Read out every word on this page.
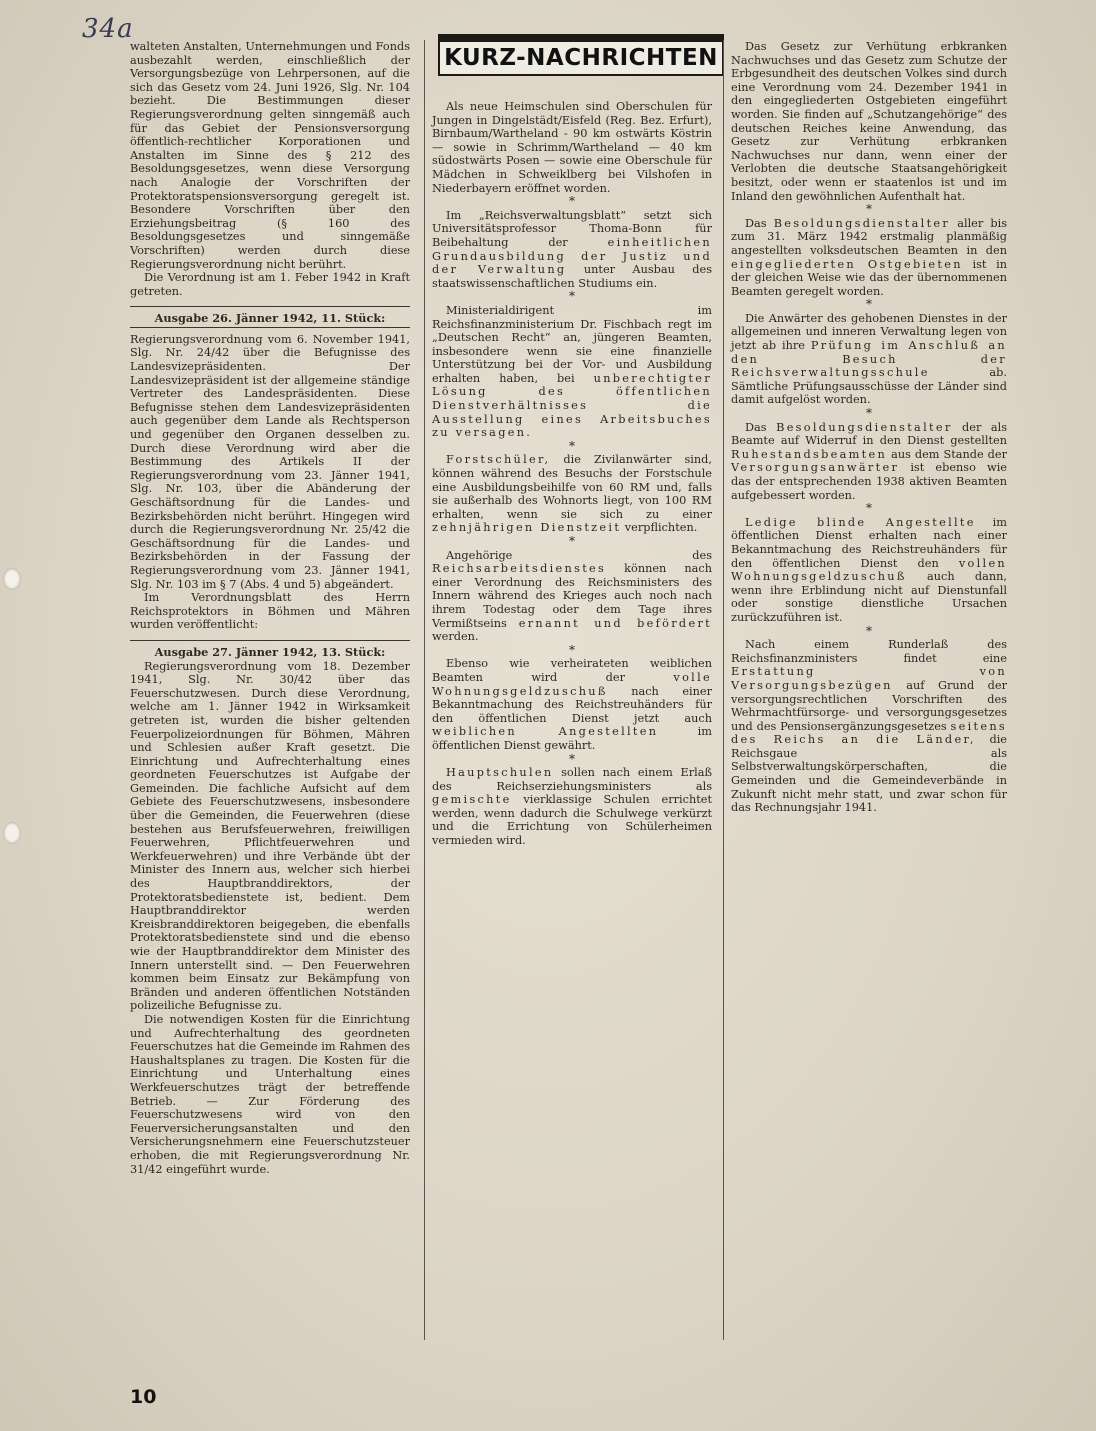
34a

walteten Anstalten, Unternehmungen und Fonds ausbezahlt werden, einschließlich der Versorgungsbezüge von Lehrpersonen, auf die sich das Gesetz vom 24. Juni 1926, Slg. Nr. 104 bezieht. Die Bestimmungen dieser Regierungsverordnung gelten sinngemäß auch für das Gebiet der Pensionsversorgung öffentlich-rechtlicher Korporationen und Anstalten im Sinne des § 212 des Besoldungsgesetzes, wenn diese Versorgung nach Analogie der Vorschriften der Protektoratspensionsversorgung geregelt ist. Besondere Vorschriften über den Erziehungsbeitrag (§ 160 des Besoldungsgesetzes und sinngemäße Vorschriften) werden durch diese Regierungsverordnung nicht berührt.

Die Verordnung ist am 1. Feber 1942 in Kraft getreten.

Ausgabe 26. Jänner 1942, 11. Stück:

Regierungsverordnung vom 6. November 1941, Slg. Nr. 24/42 über die Befugnisse des Landesvizepräsidenten. Der Landesvizepräsident ist der allgemeine ständige Vertreter des Landespräsidenten. Diese Befugnisse stehen dem Landesvizepräsidenten auch gegenüber dem Lande als Rechtsperson und gegenüber den Organen desselben zu. Durch diese Verordnung wird aber die Bestimmung des Artikels II der Regierungsverordnung vom 23. Jänner 1941, Slg. Nr. 103, über die Abänderung der Geschäftsordnung für die Landes- und Bezirksbehörden nicht berührt. Hingegen wird durch die Regierungsverordnung Nr. 25/42 die Geschäftsordnung für die Landes- und Bezirksbehörden in der Fassung der Regierungsverordnung vom 23. Jänner 1941, Slg. Nr. 103 im § 7 (Abs. 4 und 5) abgeändert.

Im Verordnungsblatt des Herrn Reichsprotektors in Böhmen und Mähren wurden veröffentlicht:

Ausgabe 27. Jänner 1942, 13. Stück:

Regierungsverordnung vom 18. Dezember 1941, Slg. Nr. 30/42 über das Feuerschutzwesen. Durch diese Verordnung, welche am 1. Jänner 1942 in Wirksamkeit getreten ist, wurden die bisher geltenden Feuerpolizeiordnungen für Böhmen, Mähren und Schlesien außer Kraft gesetzt. Die Einrichtung und Aufrechterhaltung eines geordneten Feuerschutzes ist Aufgabe der Gemeinden. Die fachliche Aufsicht auf dem Gebiete des Feuerschutzwesens, insbesondere über die Gemeinden, die Feuerwehren (diese bestehen aus Berufsfeuerwehren, freiwilligen Feuerwehren, Pflichtfeuerwehren und Werkfeuerwehren) und ihre Verbände übt der Minister des Innern aus, welcher sich hierbei des Hauptbranddirektors, der Protektoratsbedienstete ist, bedient. Dem Hauptbranddirektor werden Kreisbranddirektoren beigegeben, die ebenfalls Protektoratsbedienstete sind und die ebenso wie der Hauptbranddirektor dem Minister des Innern unterstellt sind. — Den Feuerwehren kommen beim Einsatz zur Bekämpfung von Bränden und anderen öffentlichen Notständen polizeiliche Befugnisse zu.

Die notwendigen Kosten für die Einrichtung und Aufrechterhaltung des geordneten Feuerschutzes hat die Gemeinde im Rahmen des Haushaltsplanes zu tragen. Die Kosten für die Einrichtung und Unterhaltung eines Werkfeuerschutzes trägt der betreffende Betrieb. — Zur Förderung des Feuerschutzwesens wird von den Feuerversicherungsanstalten und den Versicherungsnehmern eine Feuerschutzsteuer erhoben, die mit Regierungsverordnung Nr. 31/42 eingeführt wurde.

KURZ-NACHRICHTEN

Als neue Heimschulen sind Oberschulen für Jungen in Dingelstädt/Eisfeld (Reg. Bez. Erfurt), Birnbaum/Wartheland - 90 km ostwärts Köstrin — sowie in Schrimm/Wartheland — 40 km südostwärts Posen — sowie eine Oberschule für Mädchen in Schweiklberg bei Vilshofen in Niederbayern eröffnet worden.

*

Im „Reichsverwaltungsblatt“ setzt sich Universitätsprofessor Thoma-Bonn für Beibehaltung der einheitlichen Grundausbildung der Justiz und der Verwaltung unter Ausbau des staatswissenschaftlichen Studiums ein.

*

Ministerialdirigent im Reichsfinanzministerium Dr. Fischbach regt im „Deutschen Recht“ an, jüngeren Beamten, insbesondere wenn sie eine finanzielle Unterstützung bei der Vor- und Ausbildung erhalten haben, bei unberechtigter Lösung des öffentlichen Dienstverhältnisses die Ausstellung eines Arbeitsbuches zu versagen.

*

Forstschüler, die Zivilanwärter sind, können während des Besuchs der Forstschule eine Ausbildungsbeihilfe von 60 RM und, falls sie außerhalb des Wohnorts liegt, von 100 RM erhalten, wenn sie sich zu einer zehnjährigen Dienstzeit verpflichten.

*

Angehörige des Reichsarbeitsdienstes können nach einer Verordnung des Reichsministers des Innern während des Krieges auch noch nach ihrem Todestag oder dem Tage ihres Vermißtseins ernannt und befördert werden.

*

Ebenso wie verheirateten weiblichen Beamten wird der volle Wohnungsgeldzuschuß nach einer Bekanntmachung des Reichstreuhänders für den öffentlichen Dienst jetzt auch weiblichen Angestellten im öffentlichen Dienst gewährt.

*

Hauptschulen sollen nach einem Erlaß des Reichserziehungsministers als gemischte vierklassige Schulen errichtet werden, wenn dadurch die Schulwege verkürzt und die Errichtung von Schülerheimen vermieden wird.

Das Gesetz zur Verhütung erbkranken Nachwuchses und das Gesetz zum Schutze der Erbgesundheit des deutschen Volkes sind durch eine Verordnung vom 24. Dezember 1941 in den eingegliederten Ostgebieten eingeführt worden. Sie finden auf „Schutzangehörige“ des deutschen Reiches keine Anwendung, das Gesetz zur Verhütung erbkranken Nachwuchses nur dann, wenn einer der Verlobten die deutsche Staatsangehörigkeit besitzt, oder wenn er staatenlos ist und im Inland den gewöhnlichen Aufenthalt hat.

*

Das Besoldungsdienstalter aller bis zum 31. März 1942 erstmalig planmäßig angestellten volksdeutschen Beamten in den eingegliederten Ostgebieten ist in der gleichen Weise wie das der übernommenen Beamten geregelt worden.

*

Die Anwärter des gehobenen Dienstes in der allgemeinen und inneren Verwaltung legen von jetzt ab ihre Prüfung im Anschluß an den Besuch der Reichsverwaltungsschule ab. Sämtliche Prüfungsausschüsse der Länder sind damit aufgelöst worden.

*

Das Besoldungsdienstalter der als Beamte auf Widerruf in den Dienst gestellten Ruhestandsbeamten aus dem Stande der Versorgungsanwärter ist ebenso wie das der entsprechenden 1938 aktiven Beamten aufgebessert worden.

*

Ledige blinde Angestellte im öffentlichen Dienst erhalten nach einer Bekanntmachung des Reichstreuhänders für den öffentlichen Dienst den vollen Wohnungsgeldzuschuß auch dann, wenn ihre Erblindung nicht auf Dienstunfall oder sonstige dienstliche Ursachen zurückzuführen ist.

*

Nach einem Runderlaß des Reichsfinanzministers findet eine Erstattung von Versorgungsbezügen auf Grund der versorgungsrechtlichen Vorschriften des Wehrmachtfürsorge- und versorgungsgesetzes und des Pensionsergänzungsgesetzes seitens des Reichs an die Länder, die Reichsgaue als Selbstverwaltungskörperschaften, die Gemeinden und die Gemeindeverbände in Zukunft nicht mehr statt, und zwar schon für das Rechnungsjahr 1941.

10
